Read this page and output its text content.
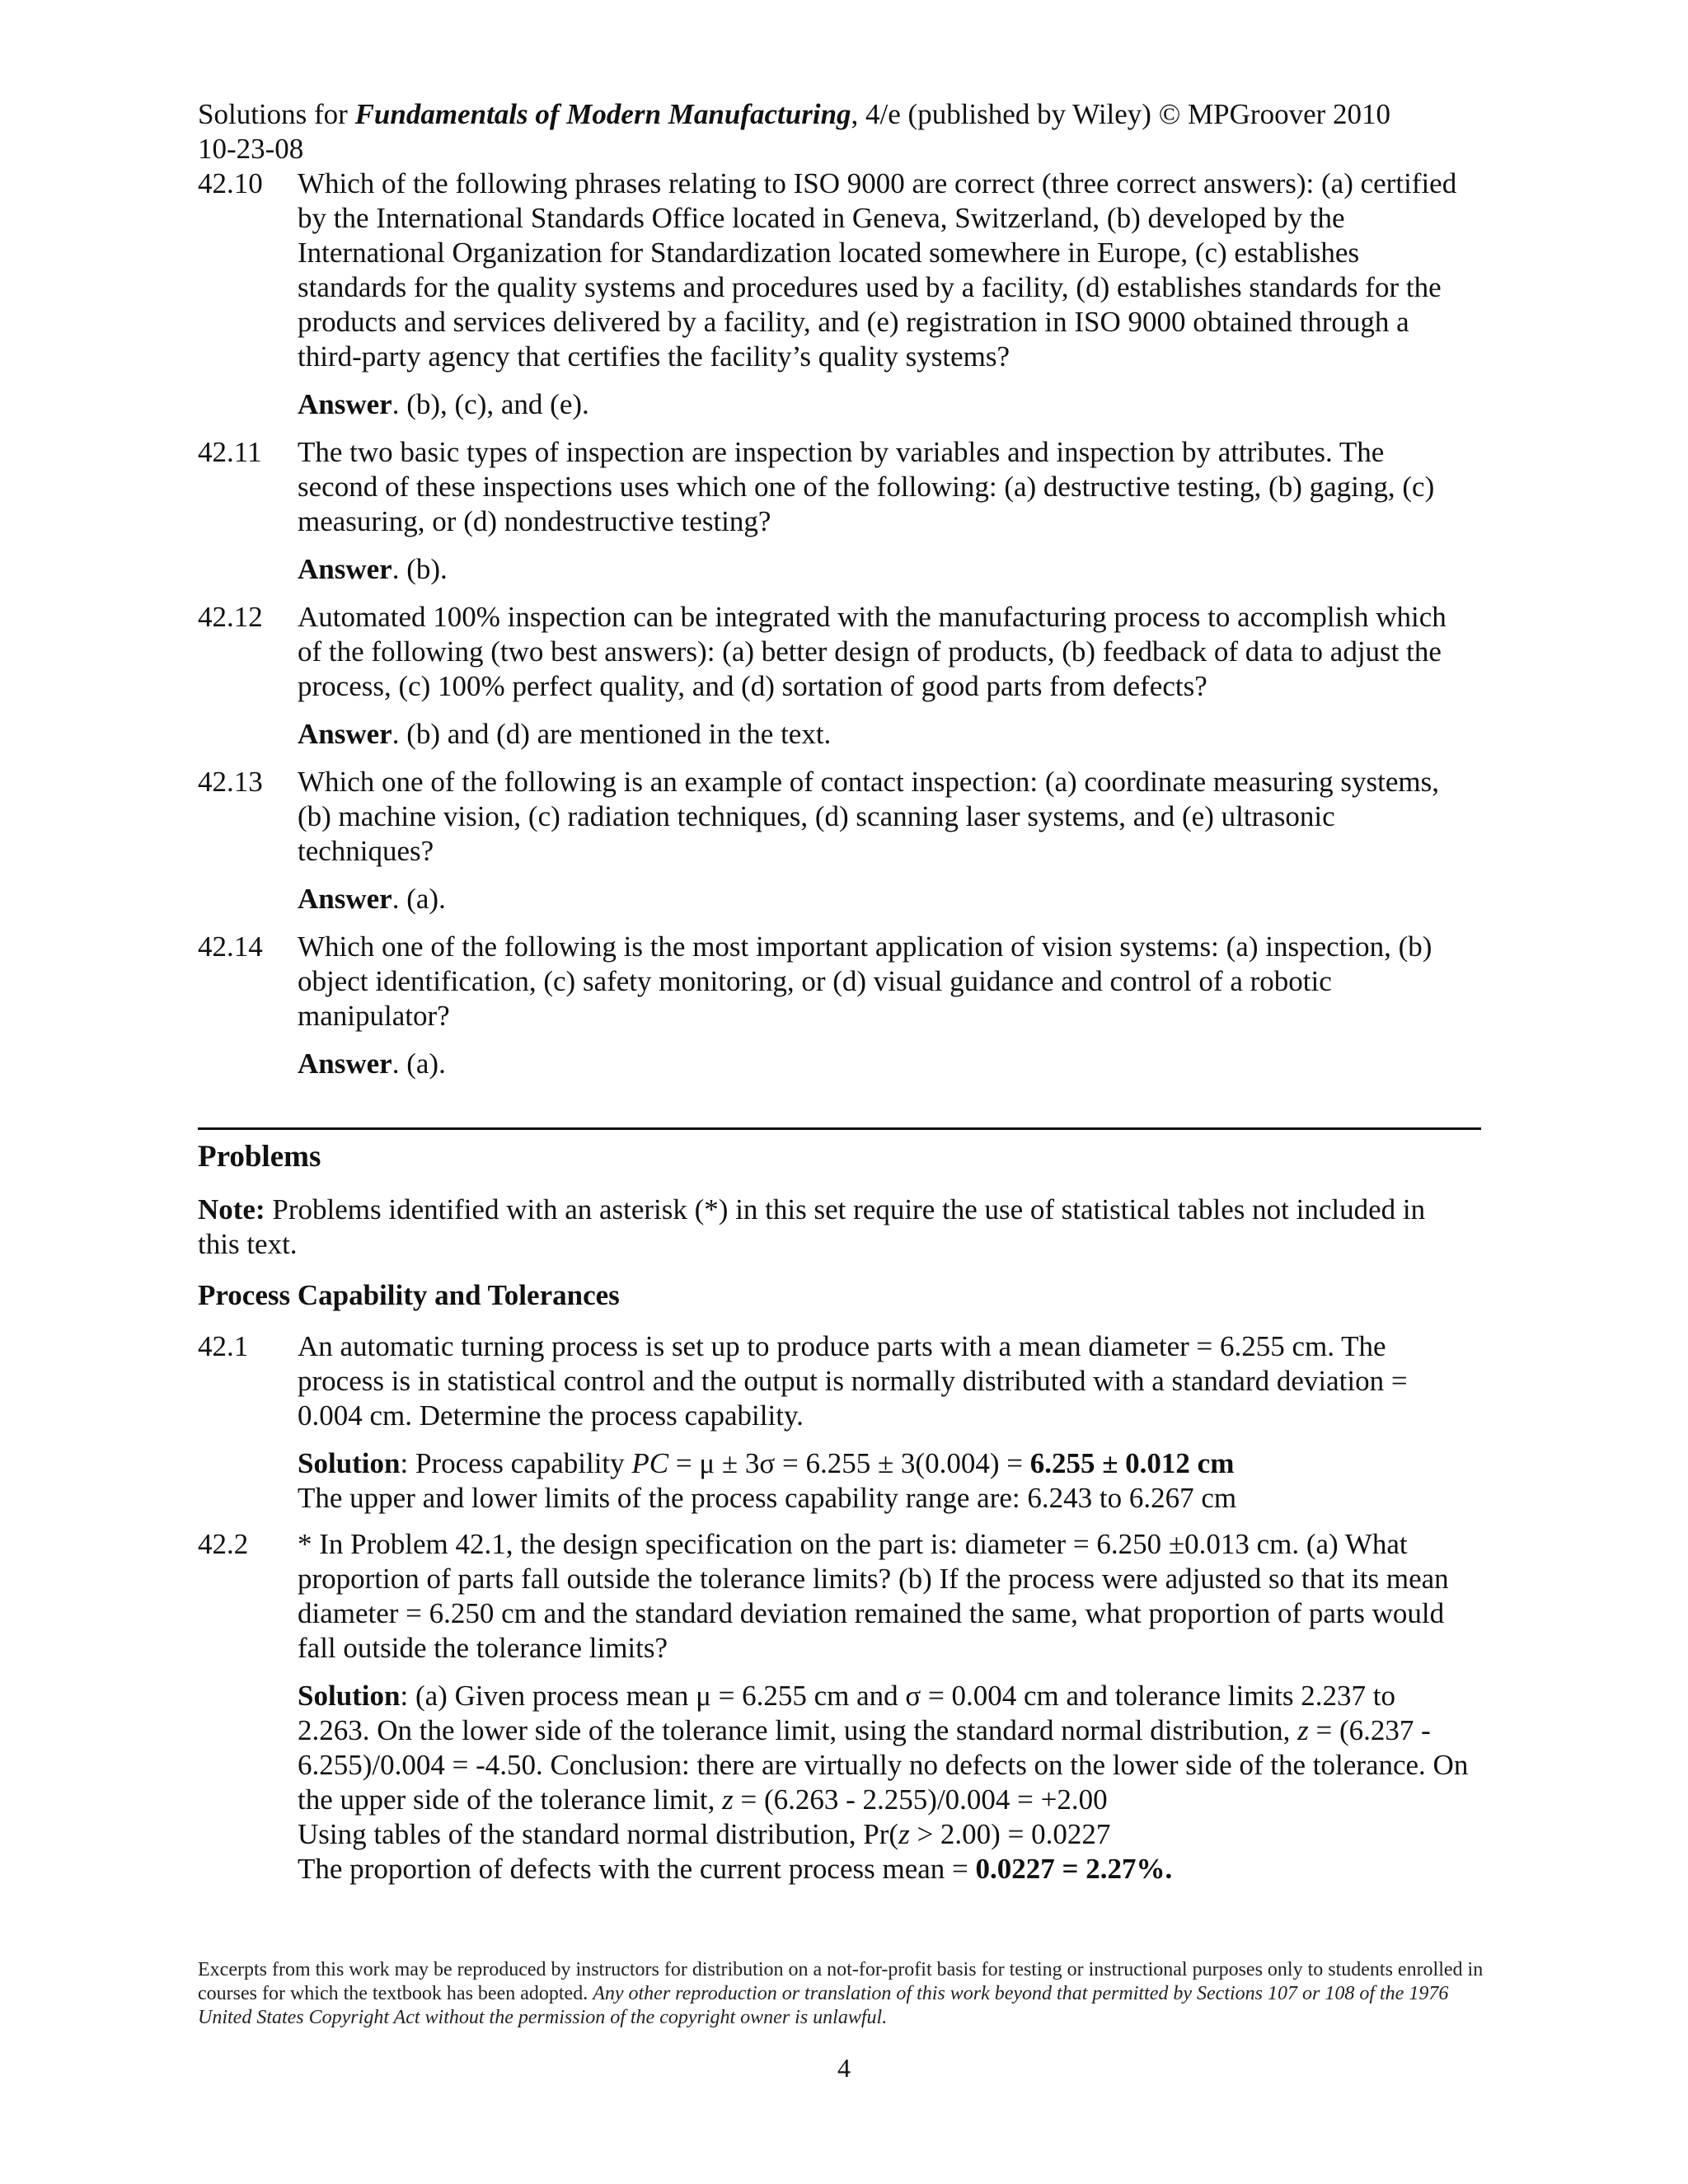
Solutions for Fundamentals of Modern Manufacturing, 4/e (published by Wiley) © MPGroover 2010
10-23-08
42.10	Which of the following phrases relating to ISO 9000 are correct (three correct answers): (a) certified by the International Standards Office located in Geneva, Switzerland, (b) developed by the International Organization for Standardization located somewhere in Europe, (c) establishes standards for the quality systems and procedures used by a facility, (d) establishes standards for the products and services delivered by a facility, and (e) registration in ISO 9000 obtained through a third-party agency that certifies the facility’s quality systems?
Answer. (b), (c), and (e).
42.11	The two basic types of inspection are inspection by variables and inspection by attributes. The second of these inspections uses which one of the following: (a) destructive testing, (b) gaging, (c) measuring, or (d) nondestructive testing?
Answer. (b).
42.12	Automated 100% inspection can be integrated with the manufacturing process to accomplish which of the following (two best answers): (a) better design of products, (b) feedback of data to adjust the process, (c) 100% perfect quality, and (d) sortation of good parts from defects?
Answer. (b) and (d) are mentioned in the text.
42.13	Which one of the following is an example of contact inspection: (a) coordinate measuring systems, (b) machine vision, (c) radiation techniques, (d) scanning laser systems, and (e) ultrasonic techniques?
Answer. (a).
42.14	Which one of the following is the most important application of vision systems: (a) inspection, (b) object identification, (c) safety monitoring, or (d) visual guidance and control of a robotic manipulator?
Answer. (a).
Problems
Note: Problems identified with an asterisk (*) in this set require the use of statistical tables not included in this text.
Process Capability and Tolerances
42.1	An automatic turning process is set up to produce parts with a mean diameter = 6.255 cm. The process is in statistical control and the output is normally distributed with a standard deviation = 0.004 cm. Determine the process capability.
Solution: Process capability PC = μ ± 3σ = 6.255 ± 3(0.004) = 6.255 ± 0.012 cm
The upper and lower limits of the process capability range are: 6.243 to 6.267 cm
42.2	* In Problem 42.1, the design specification on the part is: diameter = 6.250 ±0.013 cm. (a) What proportion of parts fall outside the tolerance limits? (b) If the process were adjusted so that its mean diameter = 6.250 cm and the standard deviation remained the same, what proportion of parts would fall outside the tolerance limits?
Solution: (a) Given process mean μ = 6.255 cm and σ = 0.004 cm and tolerance limits 2.237 to 2.263. On the lower side of the tolerance limit, using the standard normal distribution, z = (6.237 - 6.255)/0.004 = -4.50. Conclusion: there are virtually no defects on the lower side of the tolerance. On the upper side of the tolerance limit, z = (6.263 - 2.255)/0.004 = +2.00
Using tables of the standard normal distribution, Pr(z > 2.00) = 0.0227
The proportion of defects with the current process mean = 0.0227 = 2.27%.
Excerpts from this work may be reproduced by instructors for distribution on a not-for-profit basis for testing or instructional purposes only to students enrolled in courses for which the textbook has been adopted. Any other reproduction or translation of this work beyond that permitted by Sections 107 or 108 of the 1976 United States Copyright Act without the permission of the copyright owner is unlawful.
4
